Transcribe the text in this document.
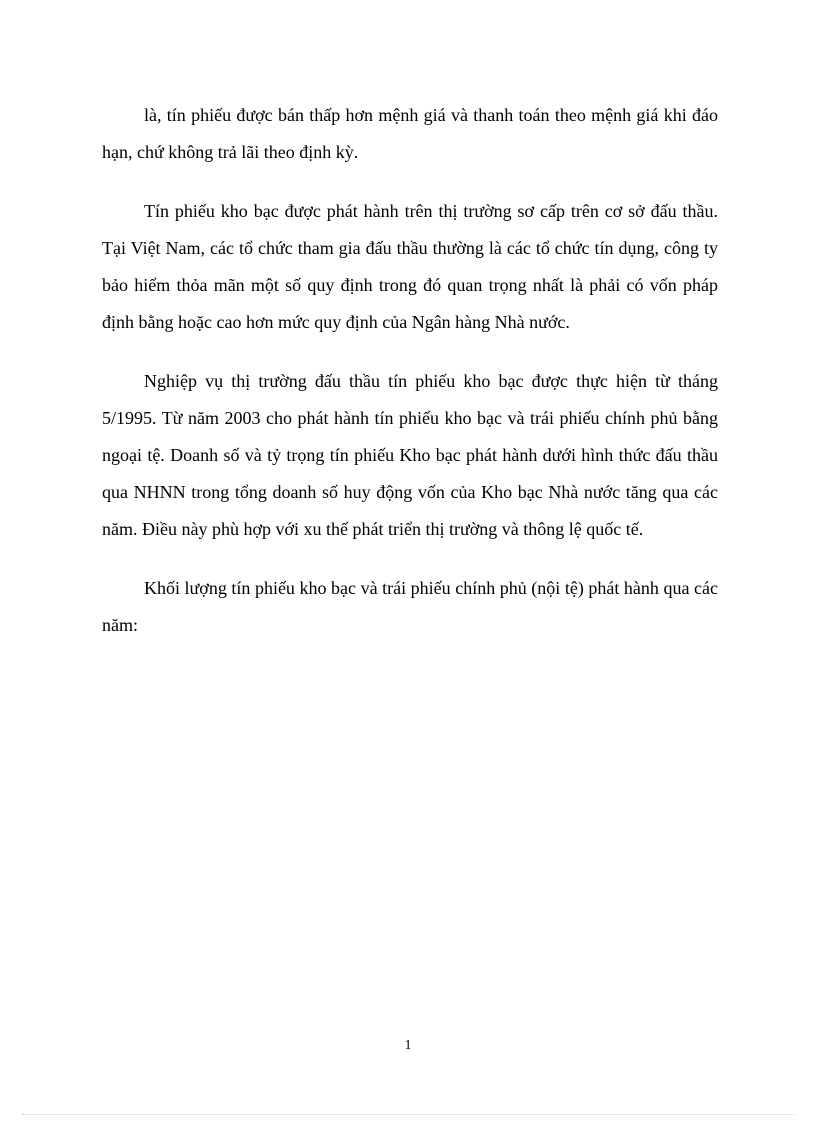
là, tín phiếu được bán thấp hơn mệnh giá và thanh toán theo mệnh giá khi đáo hạn, chứ không trả lãi theo định kỳ.

Tín phiếu kho bạc được phát hành trên thị trường sơ cấp trên cơ sở đấu thầu. Tại Việt Nam, các tổ chức tham gia đấu thầu thường là các tổ chức tín dụng, công ty bảo hiểm thỏa mãn một số quy định trong đó quan trọng nhất là phải có vốn pháp định bằng hoặc cao hơn mức quy định của Ngân hàng Nhà nước.

Nghiệp vụ thị trường đấu thầu tín phiếu kho bạc được thực hiện từ tháng 5/1995. Từ năm 2003 cho phát hành tín phiếu kho bạc và trái phiếu chính phủ bằng ngoại tệ. Doanh số và tỷ trọng tín phiếu Kho bạc phát hành dưới hình thức đấu thầu qua NHNN trong tổng doanh số huy động vốn của Kho bạc Nhà nước tăng qua các năm. Điều này phù hợp với xu thế phát triển thị trường và thông lệ quốc tế.

Khối lượng tín phiếu kho bạc và trái phiếu chính phủ (nội tệ) phát hành qua các năm:

1
